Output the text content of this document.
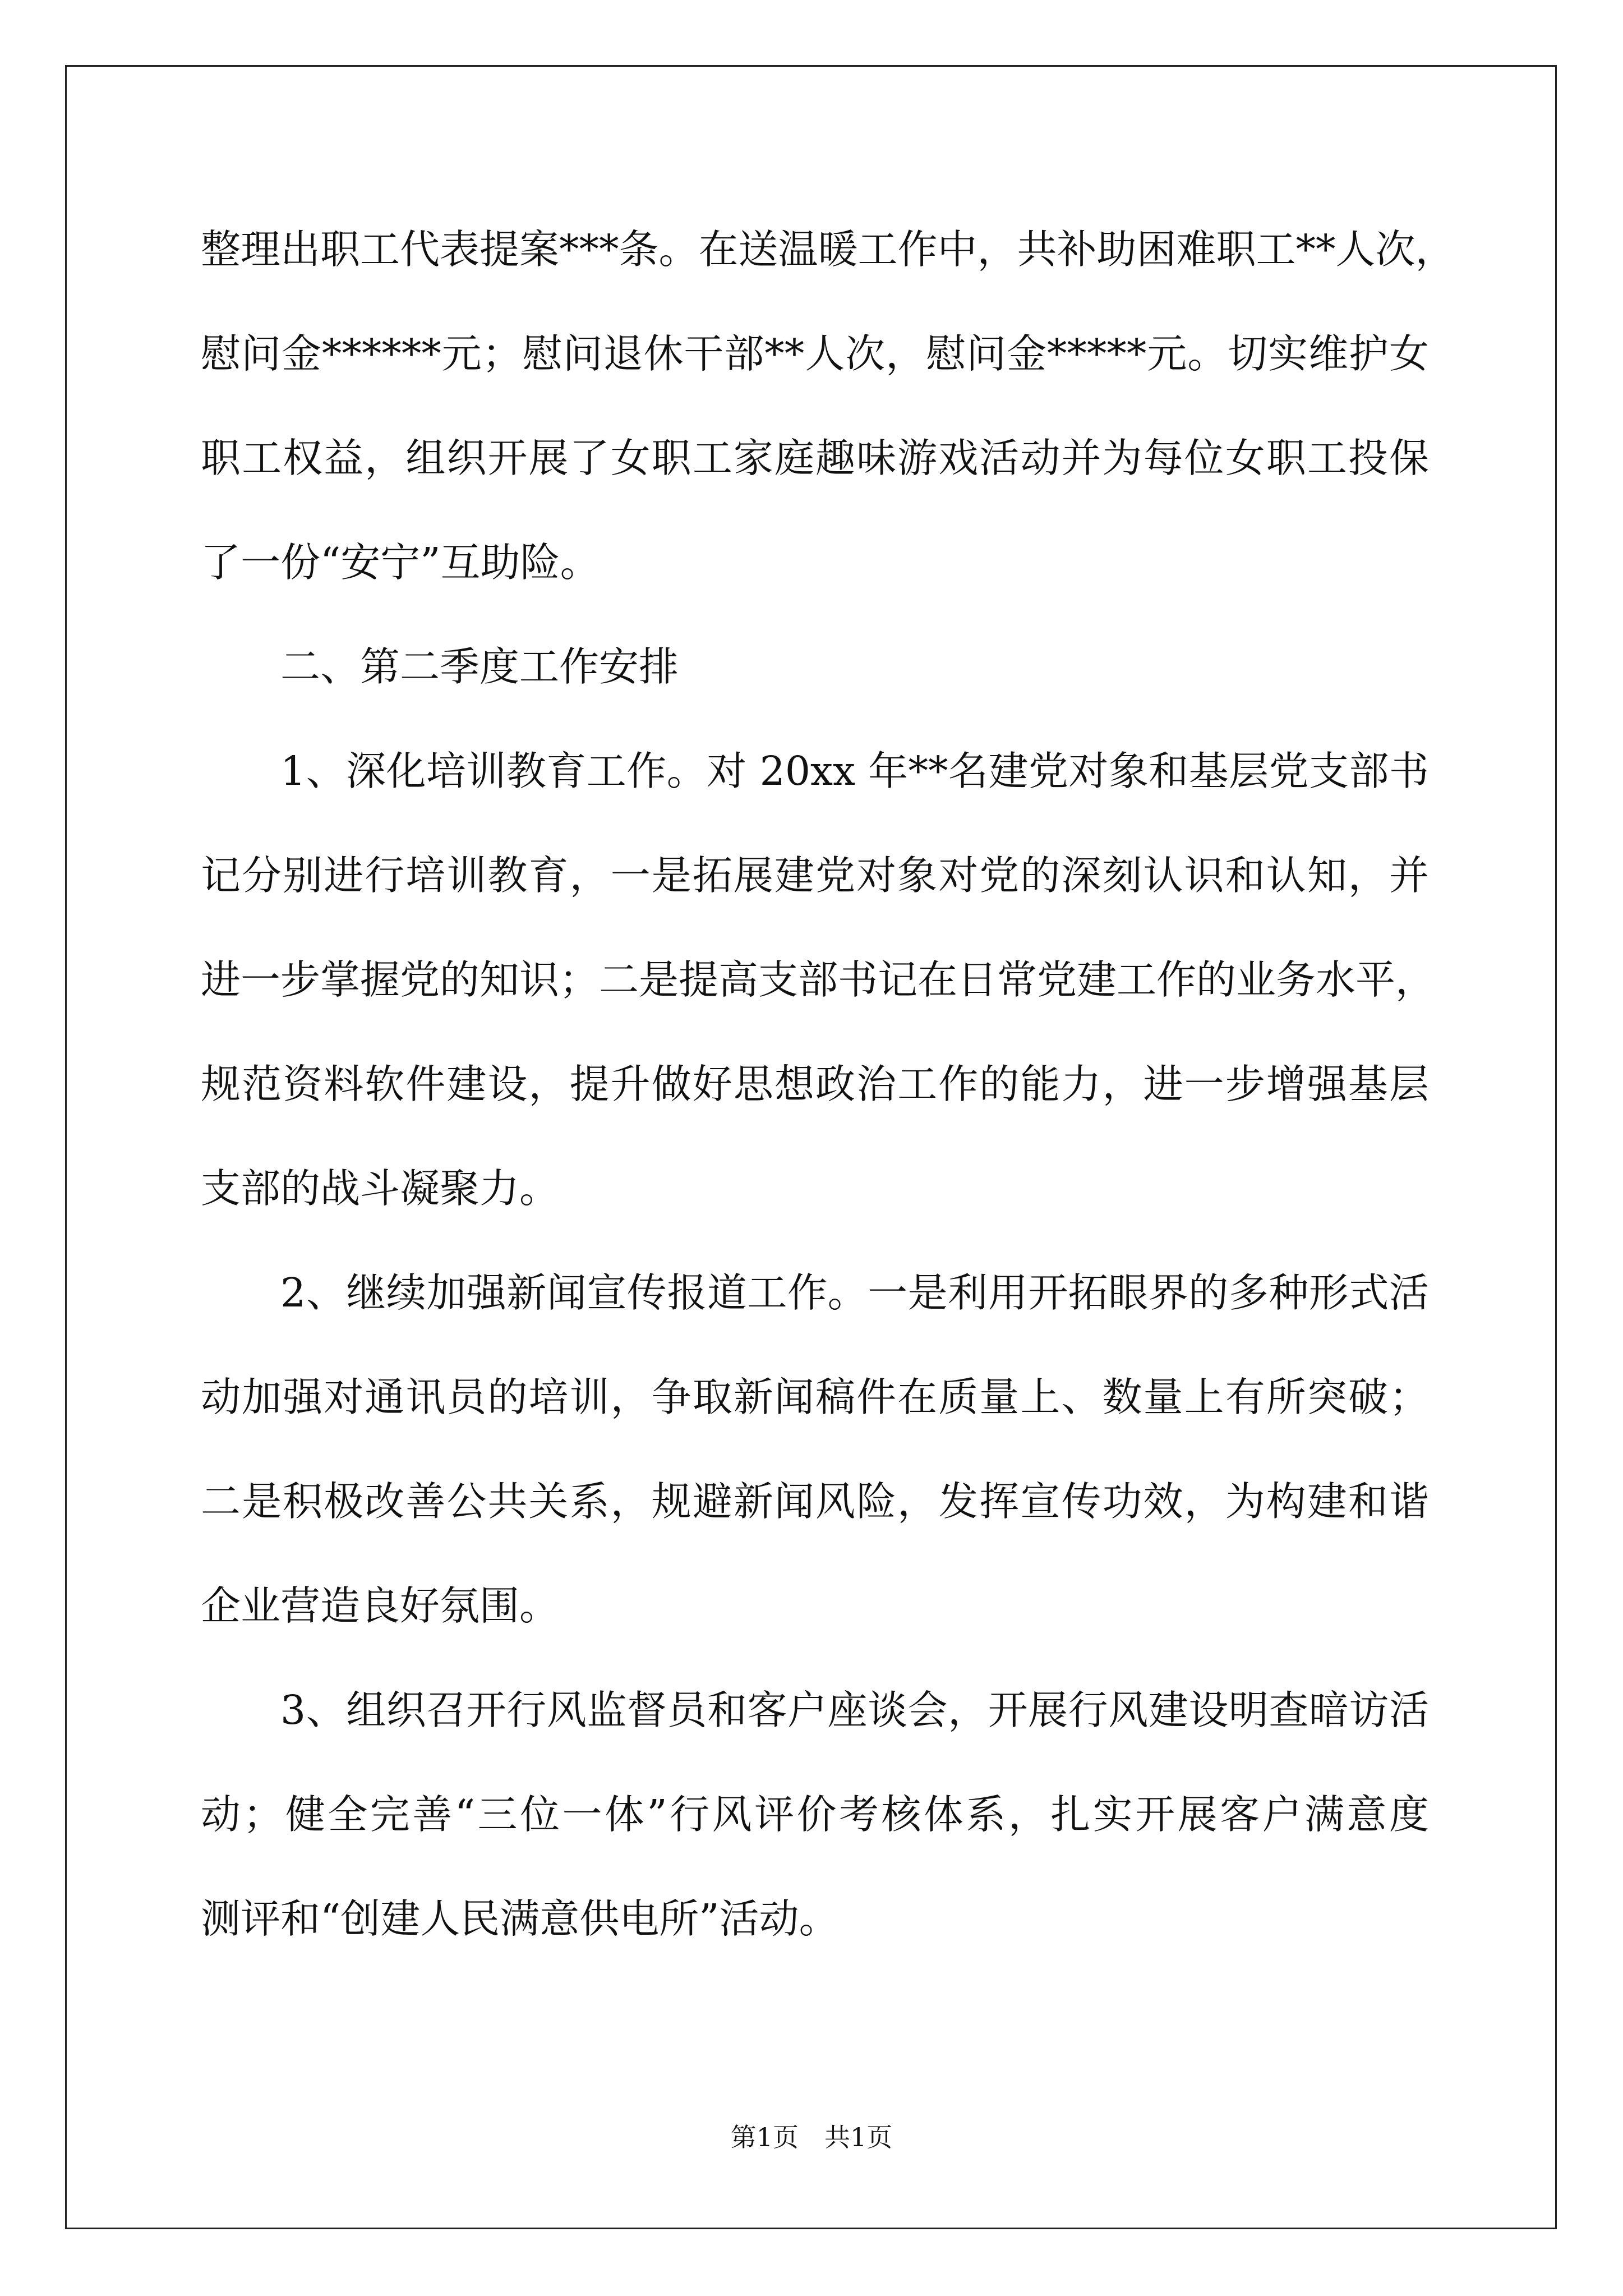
整理出职工代表提案***条。在送温暖工作中，共补助困难职工**人次，
慰问金******元；慰问退休干部**人次，慰问金*****元。切实维护女
职工权益，组织开展了女职工家庭趣味游戏活动并为每位女职工投保
了一份“安宁”互助险。
二、第二季度工作安排
1、深化培训教育工作。对 20xx 年**名建党对象和基层党支部书
记分别进行培训教育，一是拓展建党对象对党的深刻认识和认知，并
进一步掌握党的知识；二是提高支部书记在日常党建工作的业务水平，
规范资料软件建设，提升做好思想政治工作的能力，进一步增强基层
支部的战斗凝聚力。
2、继续加强新闻宣传报道工作。一是利用开拓眼界的多种形式活
动加强对通讯员的培训，争取新闻稿件在质量上、数量上有所突破；
二是积极改善公共关系，规避新闻风险，发挥宣传功效，为构建和谐
企业营造良好氛围。
3、组织召开行风监督员和客户座谈会，开展行风建设明查暗访活
动；健全完善“三位一体”行风评价考核体系，扎实开展客户满意度
测评和“创建人民满意供电所”活动。
第1页　共1页
